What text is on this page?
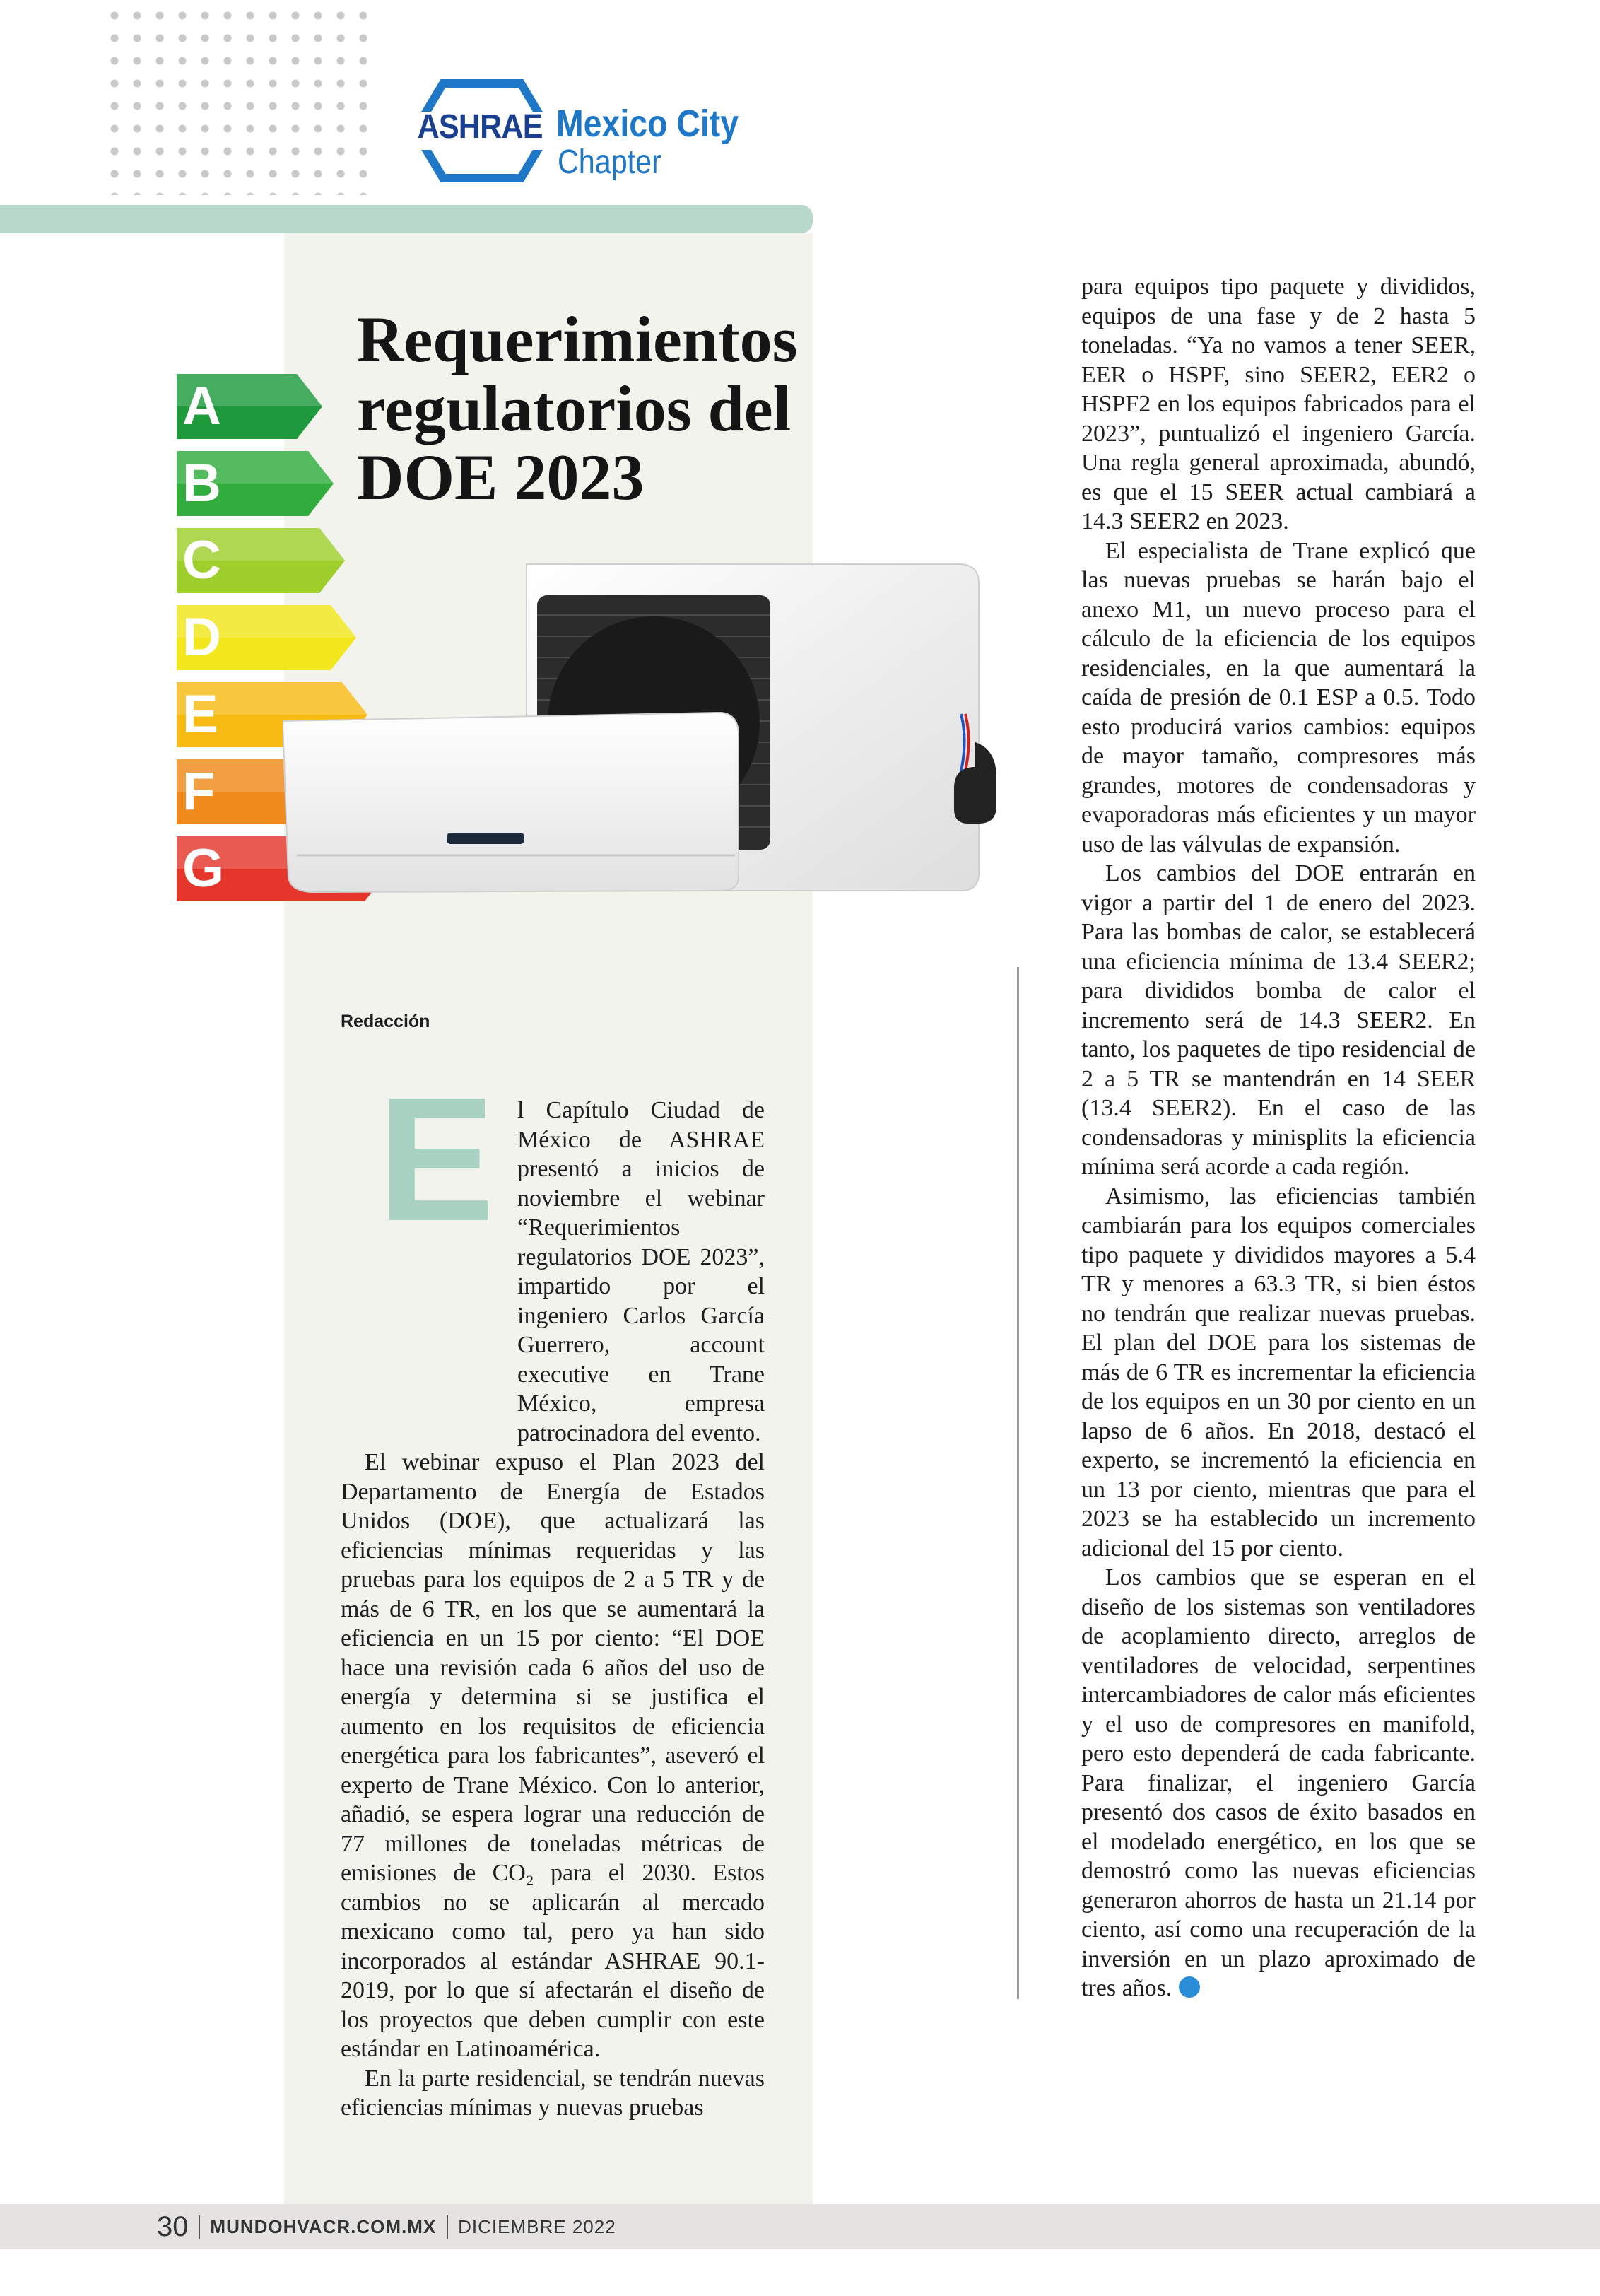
ASHRAE Mexico City
Chapter
Requerimientos regulatorios del DOE 2023
A
B
C
D
E
F
G
Redacción
E l Capítulo Ciudad de México de ASHRAE presentó a inicios de noviembre el webinar “Requerimientos regulatorios DOE 2023”, impartido por el ingeniero Carlos García Guerrero, account executive en Trane México, empresa patrocinadora del evento.

El webinar expuso el Plan 2023 del Departamento de Energía de Estados Unidos (DOE), que actualizará las eficiencias mínimas requeridas y las pruebas para los equipos de 2 a 5 TR y de más de 6 TR, en los que se aumentará la eficiencia en un 15 por ciento: “El DOE hace una revisión cada 6 años del uso de energía y determina si se justifica el aumento en los requisitos de eficiencia energética para los fabricantes”, aseveró el experto de Trane México. Con lo anterior, añadió, se espera lograr una reducción de 77 millones de toneladas métricas de emisiones de CO₂ para el 2030. Estos cambios no se aplicarán al mercado mexicano como tal, pero ya han sido incorporados al estándar ASHRAE 90.1-2019, por lo que sí afectarán el diseño de los proyectos que deben cumplir con este estándar en Latinoamérica.

En la parte residencial, se tendrán nuevas eficiencias mínimas y nuevas pruebas

para equipos tipo paquete y divididos, equipos de una fase y de 2 hasta 5 toneladas. “Ya no vamos a tener SEER, EER o HSPF, sino SEER2, EER2 o HSPF2 en los equipos fabricados para el 2023”, puntualizó el ingeniero García. Una regla general aproximada, abundó, es que el 15 SEER actual cambiará a 14.3 SEER2 en 2023.

El especialista de Trane explicó que las nuevas pruebas se harán bajo el anexo M1, un nuevo proceso para el cálculo de la eficiencia de los equipos residenciales, en la que aumentará la caída de presión de 0.1 ESP a 0.5. Todo esto producirá varios cambios: equipos de mayor tamaño, compresores más grandes, motores de condensadoras y evaporadoras más eficientes y un mayor uso de las válvulas de expansión.

Los cambios del DOE entrarán en vigor a partir del 1 de enero del 2023. Para las bombas de calor, se establecerá una eficiencia mínima de 13.4 SEER2; para divididos bomba de calor el incremento será de 14.3 SEER2. En tanto, los paquetes de tipo residencial de 2 a 5 TR se mantendrán en 14 SEER (13.4 SEER2). En el caso de las condensadoras y minisplits la eficiencia mínima será acorde a cada región.

Asimismo, las eficiencias también cambiarán para los equipos comerciales tipo paquete y divididos mayores a 5.4 TR y menores a 63.3 TR, si bien éstos no tendrán que realizar nuevas pruebas. El plan del DOE para los sistemas de más de 6 TR es incrementar la eficiencia de los equipos en un 30 por ciento en un lapso de 6 años. En 2018, destacó el experto, se incrementó la eficiencia en un 13 por ciento, mientras que para el 2023 se ha establecido un incremento adicional del 15 por ciento.

Los cambios que se esperan en el diseño de los sistemas son ventiladores de acoplamiento directo, arreglos de ventiladores de velocidad, serpentines intercambiadores de calor más eficientes y el uso de compresores en manifold, pero esto dependerá de cada fabricante. Para finalizar, el ingeniero García presentó dos casos de éxito basados en el modelado energético, en los que se demostró como las nuevas eficiencias generaron ahorros de hasta un 21.14 por ciento, así como una recuperación de la inversión en un plazo aproximado de tres años.

30 MUNDOHVACR.COM.MX DICIEMBRE 2022
